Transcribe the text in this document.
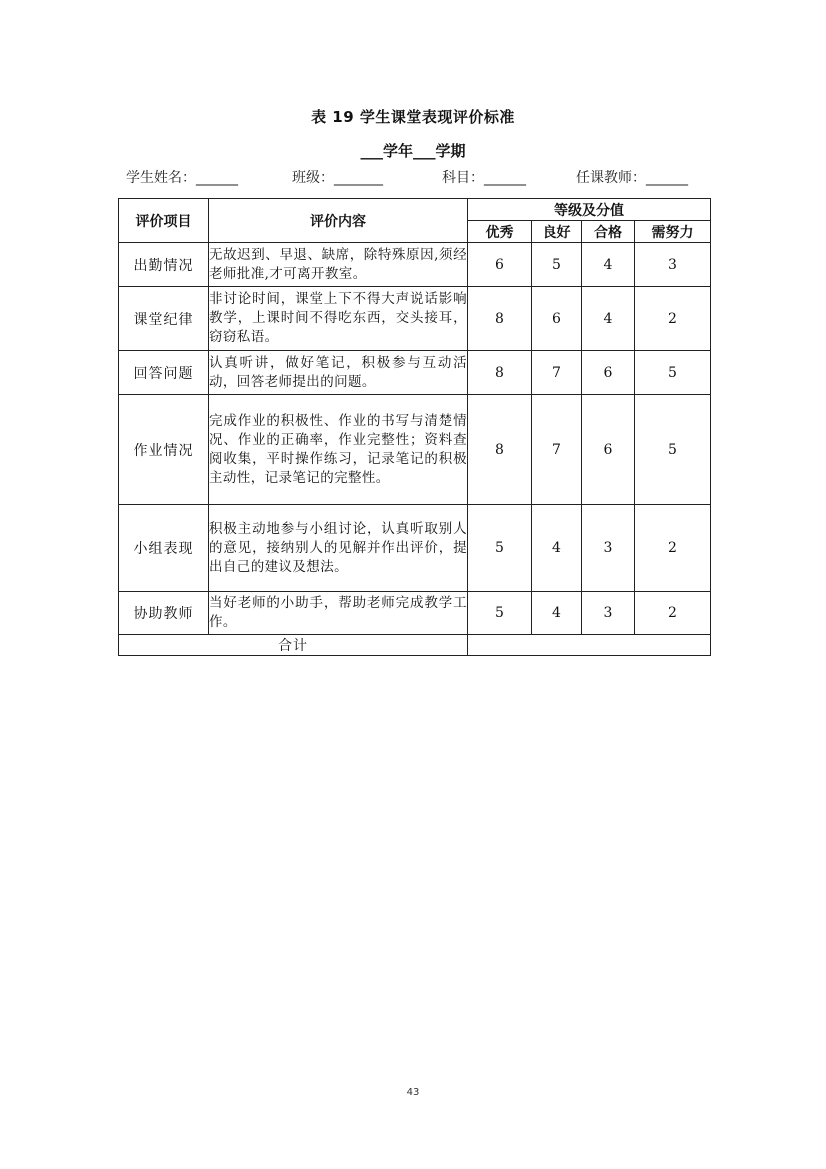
表 19 学生课堂表现评价标准
___学年___学期
学生姓名：______	班级：_______	科目：______	任课教师：______
评价项目	评价内容	等级及分值			
		优秀	良好	合格	需努力
出勤情况	无故迟到、早退、缺席，除特殊原因,须经老师批准,才可离开教室。	6	5	4	3
课堂纪律	非讨论时间，课堂上下不得大声说话影响教学，上课时间不得吃东西，交头接耳，窃窃私语。	8	6	4	2
回答问题	认真听讲，做好笔记，积极参与互动活动，回答老师提出的问题。	8	7	6	5
作业情况	完成作业的积极性、作业的书写与清楚情况、作业的正确率，作业完整性；资料查阅收集，平时操作练习，记录笔记的积极主动性，记录笔记的完整性。	8	7	6	5
小组表现	积极主动地参与小组讨论，认真听取别人的意见，接纳别人的见解并作出评价，提出自己的建议及想法。	5	4	3	2
协助教师	当好老师的小助手，帮助老师完成教学工作。	5	4	3	2
合计					
43
